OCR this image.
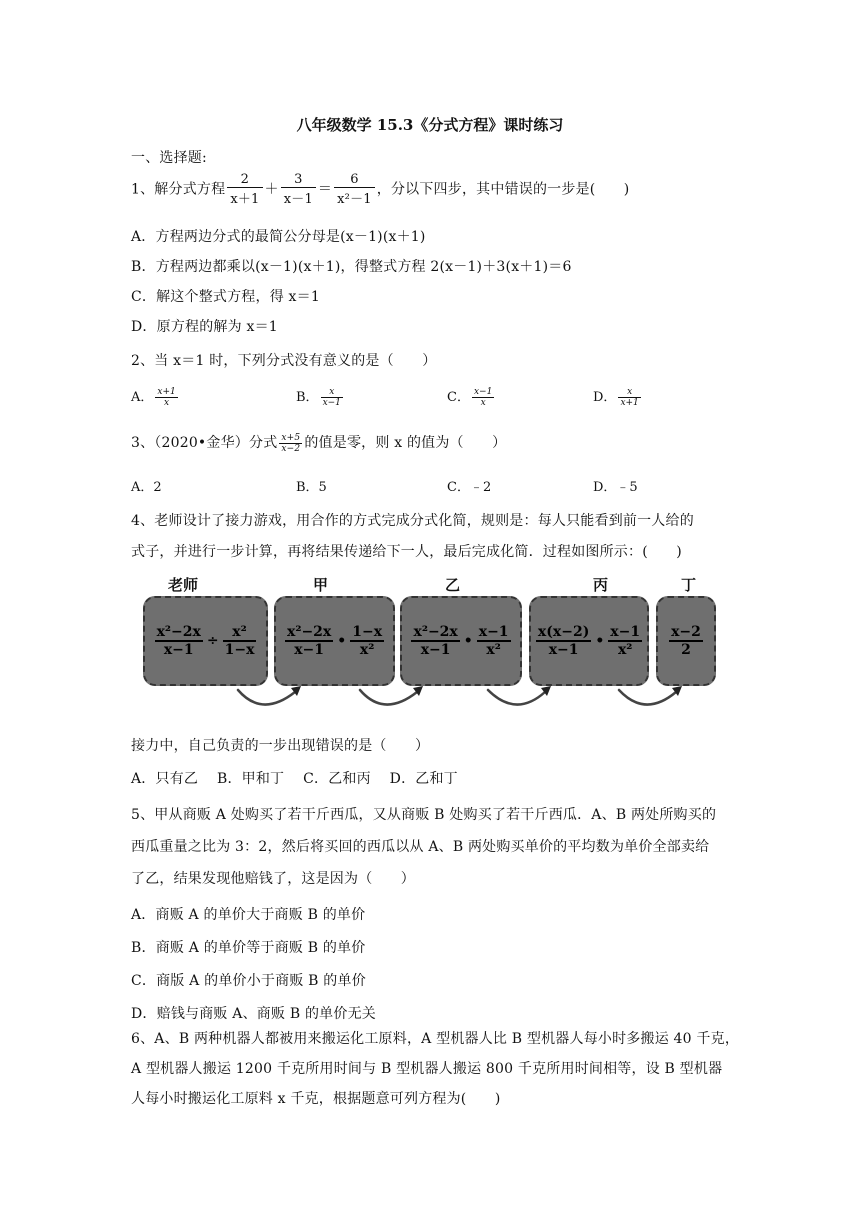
八年级数学 15.3《分式方程》课时练习
一、选择题:
1、解分式方程 $\frac{2}{x+1} + \frac{3}{x-1} = \frac{6}{\text{x²－1}}$ ，分以下四步，其中错误的一步是(　　)
A．方程两边分式的最简公分母是(x－1)(x＋1)
B．方程两边都乘以(x－1)(x＋1)，得整式方程 2(x－1)＋3(x＋1)＝6
C．解这个整式方程，得 x＝1
D．原方程的解为 x＝1
2、当 x＝1 时，下列分式没有意义的是（　　）
A． $\frac{x+1}{x}$	B． $\frac{x}{x-1}$	C． $\frac{x-1}{x}$	D． $\frac{x}{x+1}$
3、（2020•金华）分式 $\frac{x+5}{x-2}$ 的值是零，则 x 的值为（　　）
A．2	B．5	C．﹣2	D．﹣5
4、老师设计了接力游戏，用合作的方式完成分式化简，规则是：每人只能看到前一人给的
式子，并进行一步计算，再将结果传递给下一人，最后完成化简．过程如图所示：(　　)
老师	甲	乙	丙	丁
$\frac{\text{x²−2x}}{x-1} \div \frac{\text{x²}}{1-x} x^2-2x$
x−1
•
1−x
x²
x²−2x
x−1
•
x−1
x²
x(x−2)
x−1
•
x−1
x²
x−2
2
接力中，自己负责的一步出现错误的是（　　）
A．只有乙　 B．甲和丁　 C．乙和丙　 D．乙和丁
5、甲从商贩 A 处购买了若干斤西瓜，又从商贩 B 处购买了若干斤西瓜．A、B 两处所购买的
西瓜重量之比为 3：2，然后将买回的西瓜以从 A、B 两处购买单价的平均数为单价全部卖给
了乙，结果发现他赔钱了，这是因为（　　）
A．商贩 A 的单价大于商贩 B 的单价
B．商贩 A 的单价等于商贩 B 的单价
C．商版 A 的单价小于商贩 B 的单价
D．赔钱与商贩 A、商贩 B 的单价无关
6、A、B 两种机器人都被用来搬运化工原料，A 型机器人比 B 型机器人每小时多搬运 40 千克，
A 型机器人搬运 1200 千克所用时间与 B 型机器人搬运 800 千克所用时间相等，设 B 型机器
人每小时搬运化工原料 x 千克，根据题意可列方程为(　　)
